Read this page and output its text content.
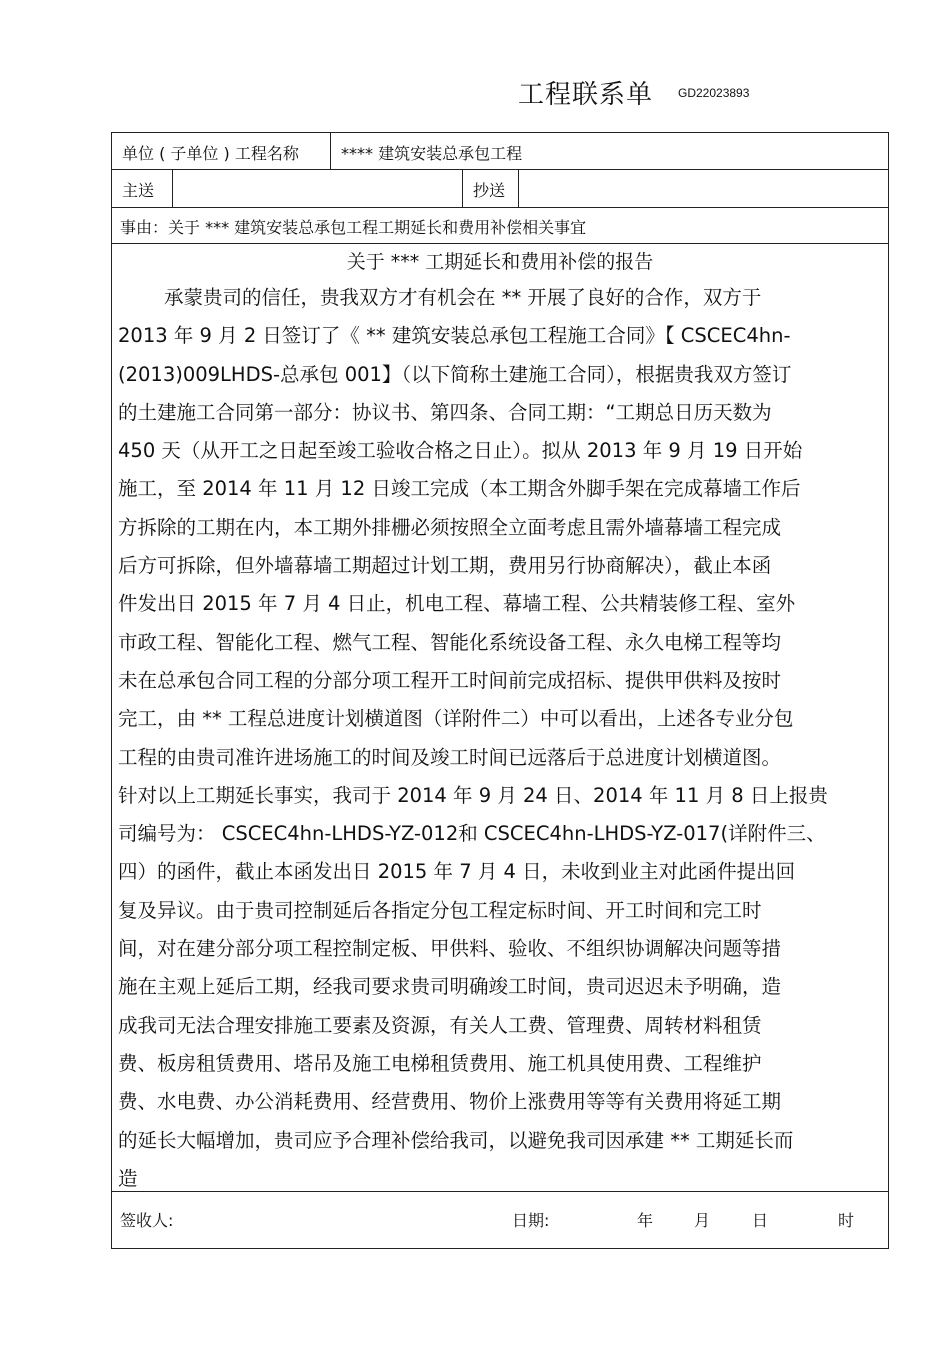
工程联系单 GD22023893
单位 ( 子单位 ) 工程名称	**** 建筑安装总承包工程
主送	抄送
事由：关于 *** 建筑安装总承包工程工期延长和费用补偿相关事宜
关于 *** 工期延长和费用补偿的报告
承蒙贵司的信任，贵我双方才有机会在 ** 开展了良好的合作，双方于
2013 年 9 月 2 日签订了《 ** 建筑安装总承包工程施工合同》【 CSCEC4hn-
(2013)009LHDS-总承包 001】（以下简称土建施工合同），根据贵我双方签订
的土建施工合同第一部分：协议书、第四条、合同工期：“工期总日历天数为
450 天（从开工之日起至竣工验收合格之日止）。拟从 2013 年 9 月 19 日开始
施工，至 2014 年 11 月 12 日竣工完成（本工期含外脚手架在完成幕墙工作后
方拆除的工期在内，本工期外排栅必须按照全立面考虑且需外墙幕墙工程完成
后方可拆除，但外墙幕墙工期超过计划工期，费用另行协商解决），截止本函
件发出日 2015 年 7 月 4 日止，机电工程、幕墙工程、公共精装修工程、室外
市政工程、智能化工程、燃气工程、智能化系统设备工程、永久电梯工程等均
未在总承包合同工程的分部分项工程开工时间前完成招标、提供甲供料及按时
完工，由 ** 工程总进度计划横道图（详附件二）中可以看出，上述各专业分包
工程的由贵司准许进场施工的时间及竣工时间已远落后于总进度计划横道图。
针对以上工期延长事实，我司于 2014 年 9 月 24 日、2014 年 11 月 8 日上报贵
司编号为： CSCEC4hn-LHDS-YZ-012和 CSCEC4hn-LHDS-YZ-017(详附件三、
四）的函件，截止本函发出日 2015 年 7 月 4 日，未收到业主对此函件提出回
复及异议。由于贵司控制延后各指定分包工程定标时间、开工时间和完工时
间，对在建分部分项工程控制定板、甲供料、验收、不组织协调解决问题等措
施在主观上延后工期，经我司要求贵司明确竣工时间，贵司迟迟未予明确，造
成我司无法合理安排施工要素及资源，有关人工费、管理费、周转材料租赁
费、板房租赁费用、塔吊及施工电梯租赁费用、施工机具使用费、工程维护
费、水电费、办公消耗费用、经营费用、物价上涨费用等等有关费用将延工期
的延长大幅增加，贵司应予合理补偿给我司，以避免我司因承建 ** 工期延长而
造
签收人:	日期:	年	月	日	时
